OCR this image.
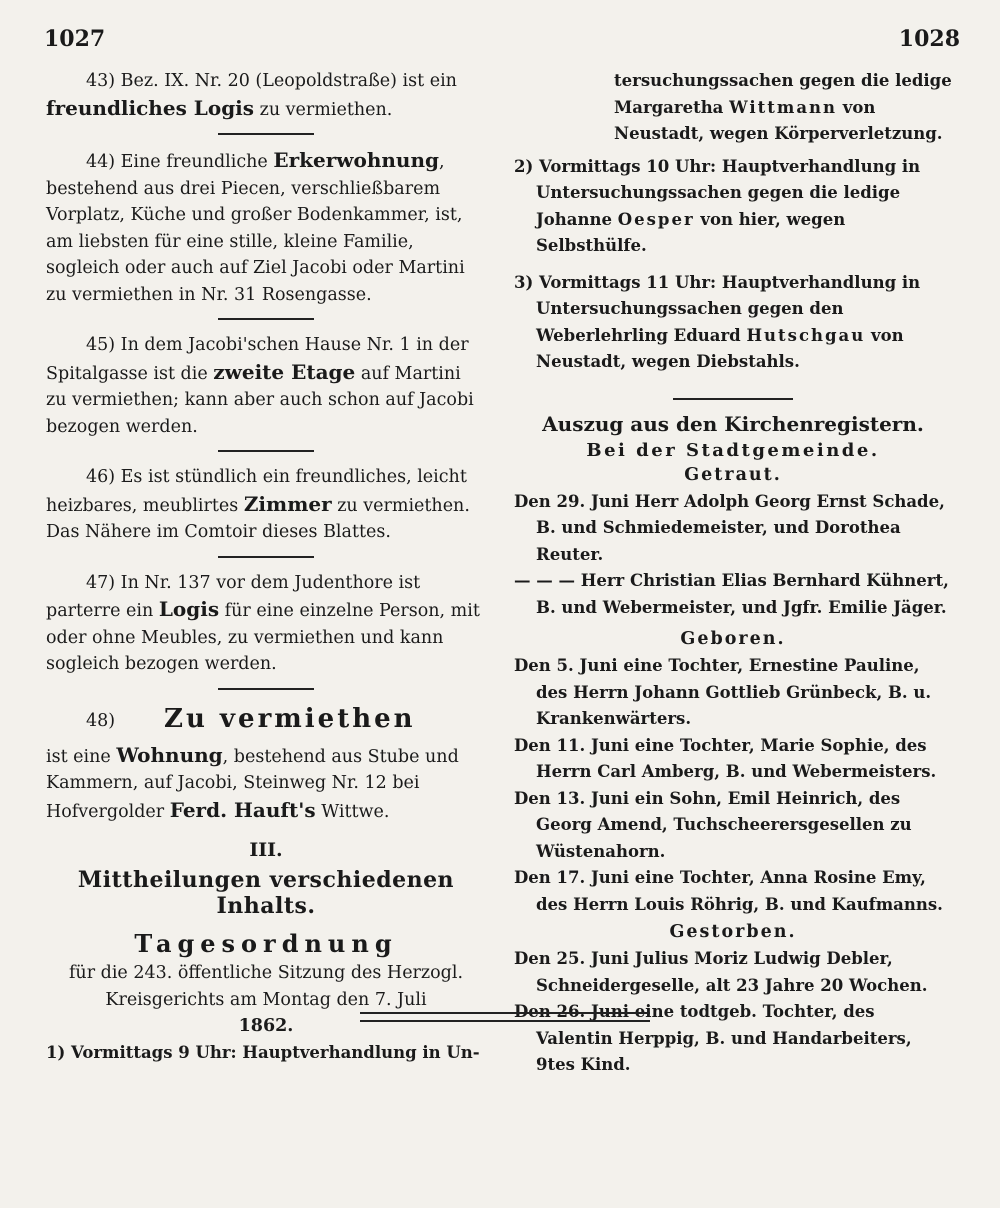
1027	1028

43) Bez. IX. Nr. 20 (Leopoldstraße) ist ein freundliches Logis zu vermiethen.

44) Eine freundliche Erkerwohnung, bestehend aus drei Piecen, verschließbarem Vorplatz, Küche und großer Bodenkammer, ist, am liebsten für eine stille, kleine Familie, sogleich oder auch auf Ziel Jacobi oder Martini zu vermiethen in Nr. 31 Rosengasse.

45) In dem Jacobi'schen Hause Nr. 1 in der Spitalgasse ist die zweite Etage auf Martini zu vermiethen; kann aber auch schon auf Jacobi bezogen werden.

46) Es ist stündlich ein freundliches, leicht heizbares, meublirtes Zimmer zu vermiethen. Das Nähere im Comtoir dieses Blattes.

47) In Nr. 137 vor dem Judenthore ist parterre ein Logis für eine einzelne Person, mit oder ohne Meubles, zu vermiethen und kann sogleich bezogen werden.

48) Zu vermiethen

ist eine Wohnung, bestehend aus Stube und Kammern, auf Jacobi, Steinweg Nr. 12 bei Hofvergolder Ferd. Hauft's Wittwe.

III.
Mittheilungen verschiedenen Inhalts.
Tagesordnung

für die 243. öffentliche Sitzung des Herzogl. Kreisgerichts am Montag den 7. Juli

1862.

1) Vormittags 9 Uhr: Hauptverhandlung in Un-

tersuchungssachen gegen die ledige Margaretha Wittmann von Neustadt, wegen Körperverletzung.

2) Vormittags 10 Uhr: Hauptverhandlung in Untersuchungssachen gegen die ledige Johanne Oesper von hier, wegen Selbsthülfe.

3) Vormittags 11 Uhr: Hauptverhandlung in Untersuchungssachen gegen den Weberlehrling Eduard Hutschgau von Neustadt, wegen Diebstahls.

Auszug aus den Kirchenregistern.
Bei der Stadtgemeinde.
Getraut.

Den 29. Juni Herr Adolph Georg Ernst Schade, B. und Schmiedemeister, und Dorothea Reuter.

— — — Herr Christian Elias Bernhard Kühnert, B. und Webermeister, und Jgfr. Emilie Jäger.

Geboren.

Den 5. Juni eine Tochter, Ernestine Pauline, des Herrn Johann Gottlieb Grünbeck, B. u. Krankenwärters.

Den 11. Juni eine Tochter, Marie Sophie, des Herrn Carl Amberg, B. und Webermeisters.

Den 13. Juni ein Sohn, Emil Heinrich, des Georg Amend, Tuchscheerersgesellen zu Wüstenahorn.

Den 17. Juni eine Tochter, Anna Rosine Emy, des Herrn Louis Röhrig, B. und Kaufmanns.

Gestorben.

Den 25. Juni Julius Moriz Ludwig Debler, Schneidergeselle, alt 23 Jahre 20 Wochen.

Den 26. Juni eine todtgeb. Tochter, des Valentin Herppig, B. und Handarbeiters, 9tes Kind.
